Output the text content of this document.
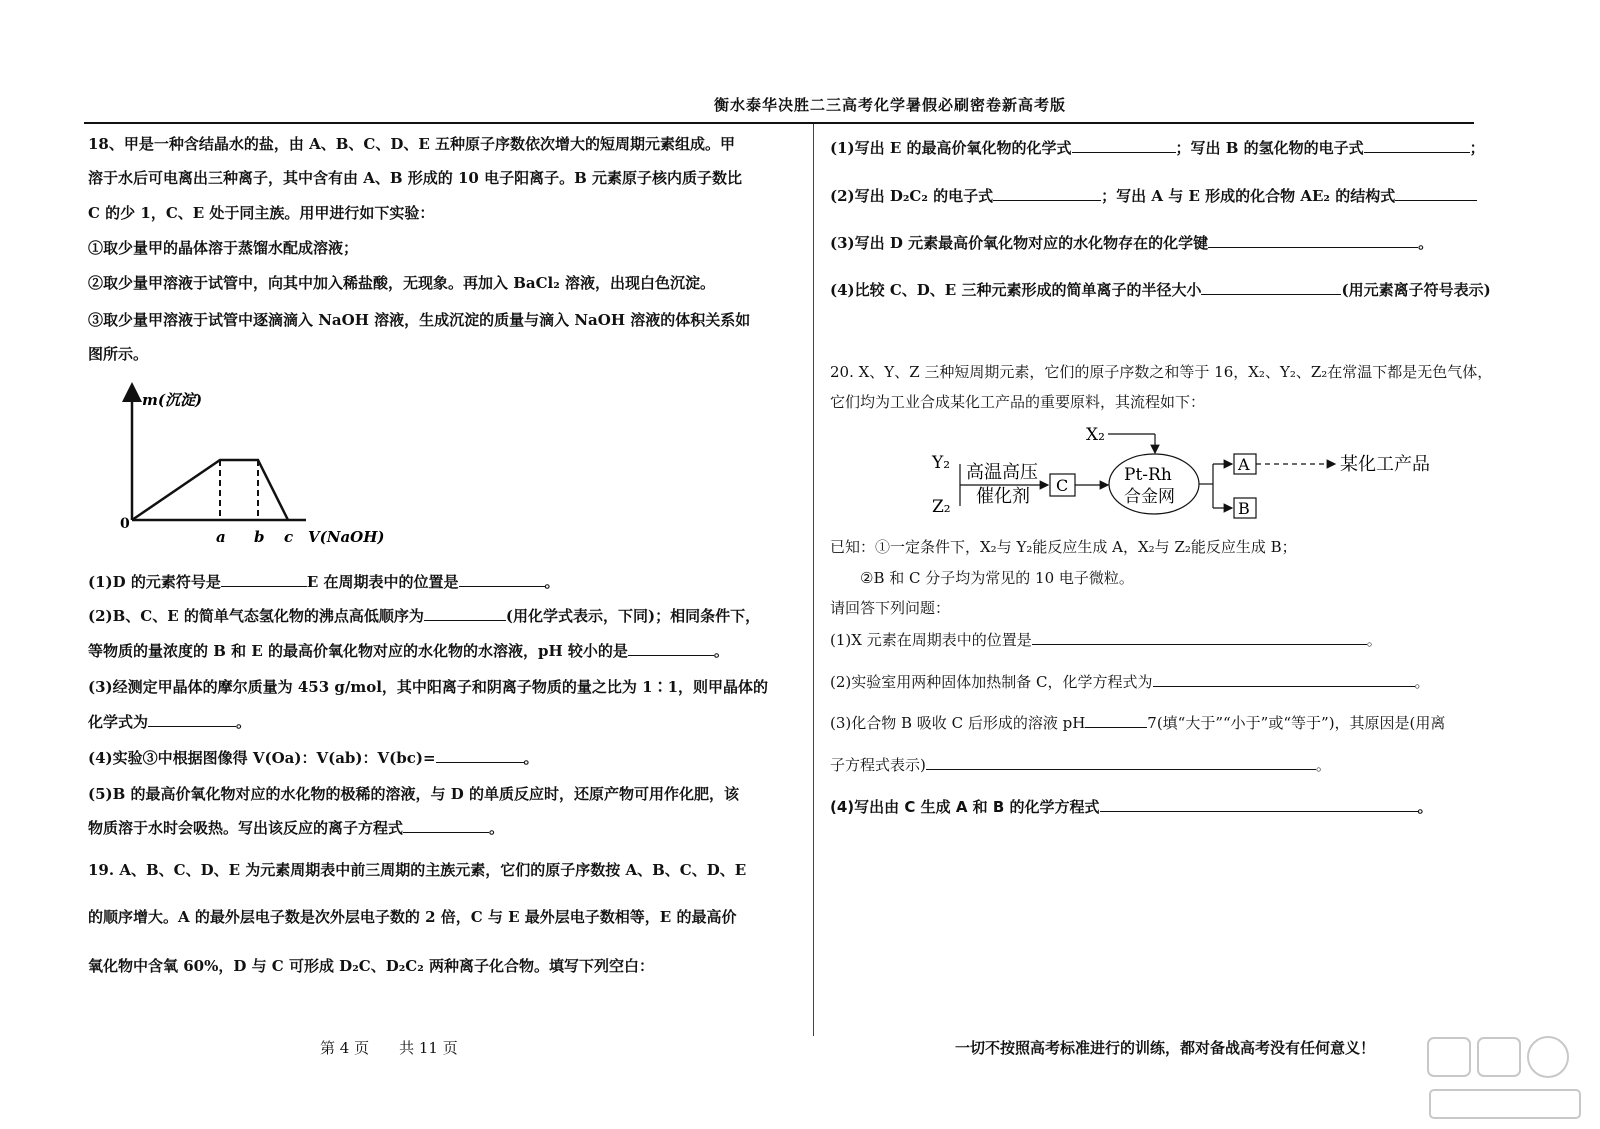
衡水泰华决胜二三高考化学暑假必刷密卷新高考版
18、甲是一种含结晶水的盐，由 A、B、C、D、E 五种原子序数依次增大的短周期元素组成。甲
溶于水后可电离出三种离子，其中含有由 A、B 形成的 10 电子阳离子。B 元素原子核内质子数比
C 的少 1，C、E 处于同主族。用甲进行如下实验：
①取少量甲的晶体溶于蒸馏水配成溶液；
②取少量甲溶液于试管中，向其中加入稀盐酸，无现象。再加入 BaCl₂ 溶液，出现白色沉淀。
③取少量甲溶液于试管中逐滴滴入 NaOH 溶液，生成沉淀的质量与滴入 NaOH 溶液的体积关系如
图所示。
m(沉淀)
V(NaOH)
0
a b c
(1)D 的元素符号是	E 在周期表中的位置是	。
(2)B、C、E 的简单气态氢化物的沸点高低顺序为	(用化学式表示，下同)；相同条件下，
等物质的量浓度的 B 和 E 的最高价氧化物对应的水化物的水溶液，pH 较小的是	。
(3)经测定甲晶体的摩尔质量为 453 g/mol，其中阳离子和阴离子物质的量之比为 1∶1，则甲晶体的
化学式为	。
(4)实验③中根据图像得 V(Oa)：V(ab)：V(bc)=	。
(5)B 的最高价氧化物对应的水化物的极稀的溶液，与 D 的单质反应时，还原产物可用作化肥，该
物质溶于水时会吸热。写出该反应的离子方程式	。
19. A、B、C、D、E 为元素周期表中前三周期的主族元素，它们的原子序数按 A、B、C、D、E
的顺序增大。A 的最外层电子数是次外层电子数的 2 倍，C 与 E 最外层电子数相等，E 的最高价
氧化物中含氧 60%，D 与 C 可形成 D₂C、D₂C₂ 两种离子化合物。填写下列空白：
(1)写出 E 的最高价氧化物的化学式	；写出 B 的氢化物的电子式	；
(2)写出 D₂C₂ 的电子式	；写出 A 与 E 形成的化合物 AE₂ 的结构式
(3)写出 D 元素最高价氧化物对应的水化物存在的化学键	。
(4)比较 C、D、E 三种元素形成的简单离子的半径大小	(用元素离子符号表示)
20. X、Y、Z 三种短周期元素，它们的原子序数之和等于 16，X₂、Y₂、Z₂在常温下都是无色气体，
它们均为工业合成某化工产品的重要原料，其流程如下：
X₂
Y₂
Z₂
高温高压
催化剂
C
Pt-Rh
合金网
A
B
某化工产品
已知：①一定条件下，X₂与 Y₂能反应生成 A，X₂与 Z₂能反应生成 B；
②B 和 C 分子均为常见的 10 电子微粒。
请回答下列问题：
(1)X 元素在周期表中的位置是	。
(2)实验室用两种固体加热制备 C，化学方程式为	。
(3)化合物 B 吸收 C 后形成的溶液 pH	7(填“大于”“小于”或“等于”)，其原因是(用离
子方程式表示)	。
(4)写出由 C 生成 A 和 B 的化学方程式	。
第 4 页　　共 11 页	一切不按照高考标准进行的训练，都对备战高考没有任何意义！
